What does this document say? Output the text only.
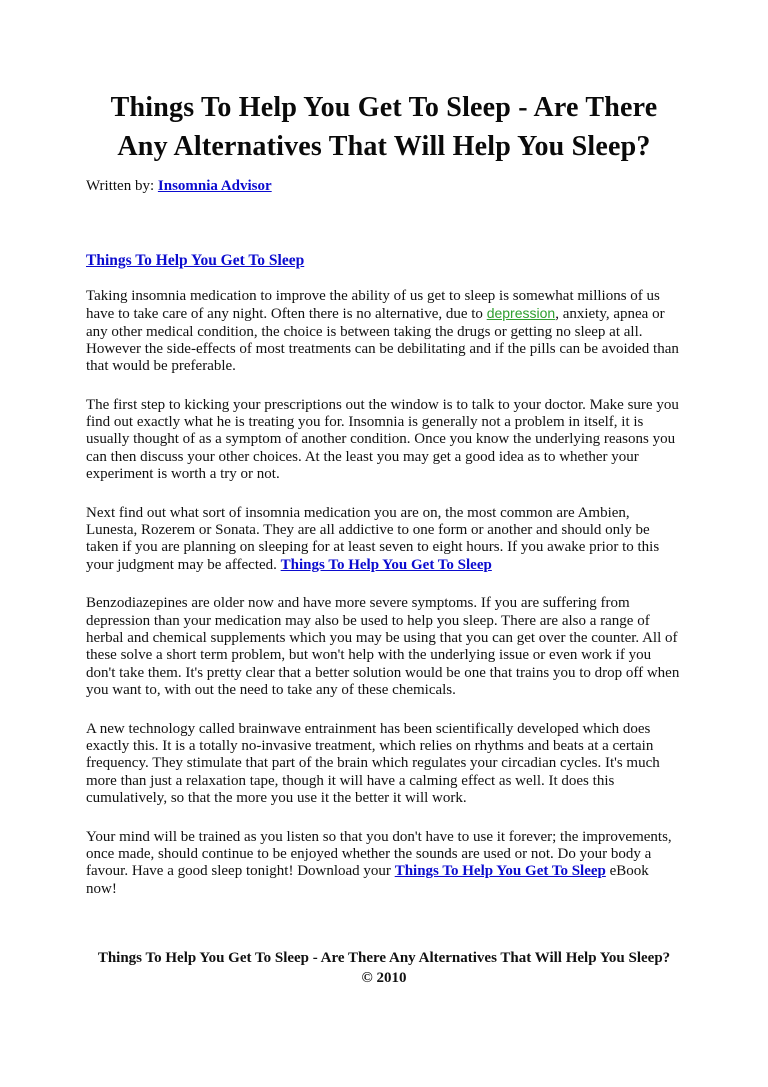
Things To Help You Get To Sleep - Are There Any Alternatives That Will Help You Sleep?
Written by: Insomnia Advisor
Things To Help You Get To Sleep

Taking insomnia medication to improve the ability of us get to sleep is somewhat millions of us have to take care of any night. Often there is no alternative, due to depression, anxiety, apnea or any other medical condition, the choice is between taking the drugs or getting no sleep at all. However the side-effects of most treatments can be debilitating and if the pills can be avoided than that would be preferable.

The first step to kicking your prescriptions out the window is to talk to your doctor. Make sure you find out exactly what he is treating you for. Insomnia is generally not a problem in itself, it is usually thought of as a symptom of another condition. Once you know the underlying reasons you can then discuss your other choices. At the least you may get a good idea as to whether your experiment is worth a try or not.

Next find out what sort of insomnia medication you are on, the most common are Ambien, Lunesta, Rozerem or Sonata. They are all addictive to one form or another and should only be taken if you are planning on sleeping for at least seven to eight hours. If you awake prior to this your judgment may be affected. Things To Help You Get To Sleep

Benzodiazepines are older now and have more severe symptoms. If you are suffering from depression than your medication may also be used to help you sleep. There are also a range of herbal and chemical supplements which you may be using that you can get over the counter. All of these solve a short term problem, but won't help with the underlying issue or even work if you don't take them. It's pretty clear that a better solution would be one that trains you to drop off when you want to, with out the need to take any of these chemicals.

A new technology called brainwave entrainment has been scientifically developed which does exactly this. It is a totally no-invasive treatment, which relies on rhythms and beats at a certain frequency. They stimulate that part of the brain which regulates your circadian cycles. It's much more than just a relaxation tape, though it will have a calming effect as well. It does this cumulatively, so that the more you use it the better it will work.

Your mind will be trained as you listen so that you don't have to use it forever; the improvements, once made, should continue to be enjoyed whether the sounds are used or not. Do your body a favour. Have a good sleep tonight! Download your Things To Help You Get To Sleep eBook now!

Things To Help You Get To Sleep - Are There Any Alternatives That Will Help You Sleep? © 2010
